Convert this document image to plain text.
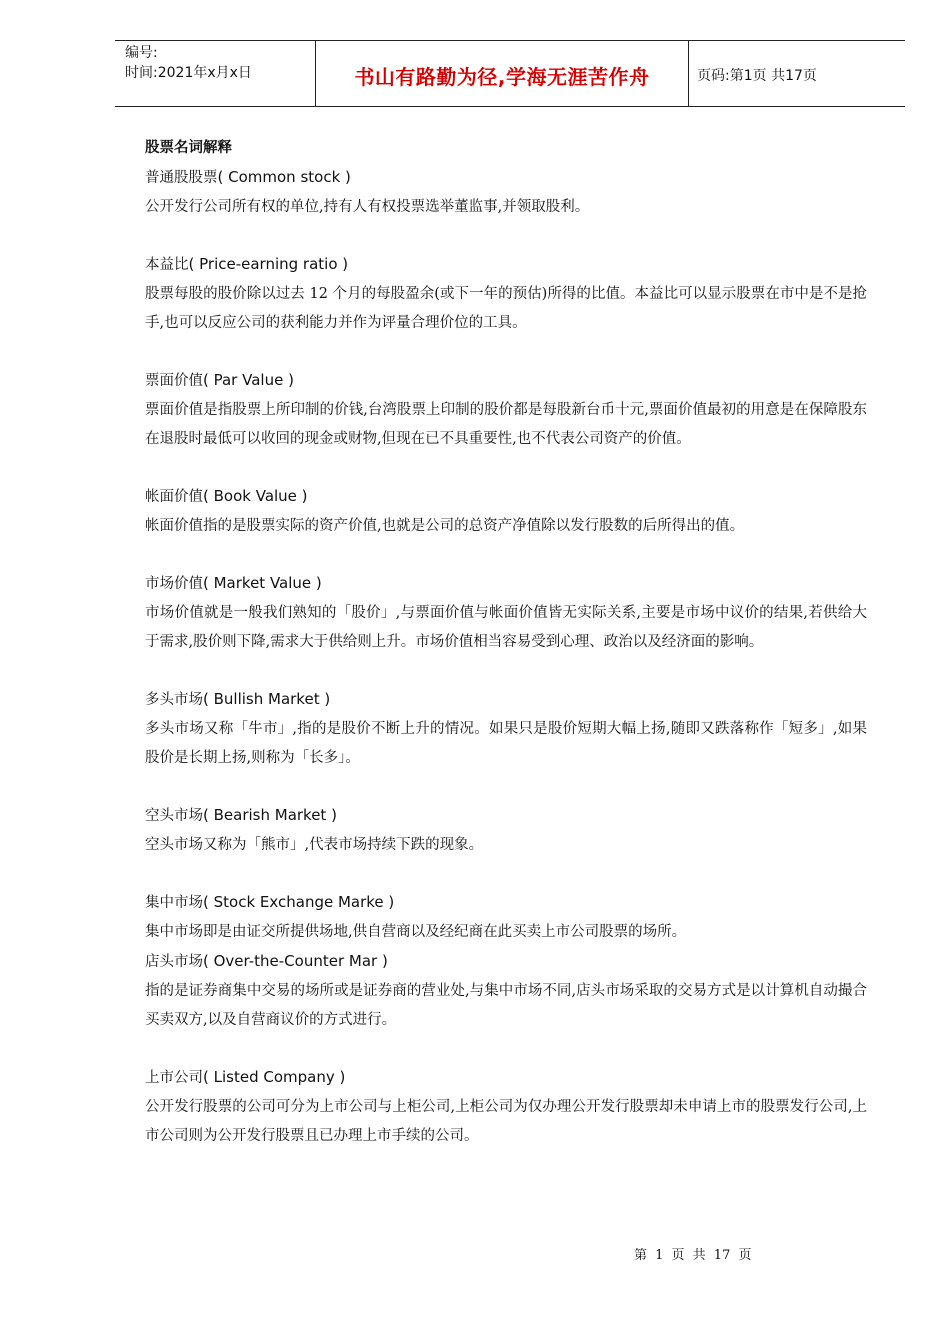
编号:
时间:2021年x月x日	书山有路勤为径,学海无涯苦作舟	页码:第1页 共17页

股票名词解释

普通股股票( Common stock )

公开发行公司所有权的单位,持有人有权投票选举董监事,并领取股利。

本益比( Price-earning ratio )

股票每股的股价除以过去 12 个月的每股盈余(或下一年的预估)所得的比值。本益比可以显示股票在市中是不是抢手,也可以反应公司的获利能力并作为评量合理价位的工具。

票面价值( Par Value )

票面价值是指股票上所印制的价钱,台湾股票上印制的股价都是每股新台币十元,票面价值最初的用意是在保障股东在退股时最低可以收回的现金或财物,但现在已不具重要性,也不代表公司资产的价值。

帐面价值( Book Value )

帐面价值指的是股票实际的资产价值,也就是公司的总资产净值除以发行股数的后所得出的值。

市场价值( Market Value )

市场价值就是一般我们熟知的「股价」,与票面价值与帐面价值皆无实际关系,主要是市场中议价的结果,若供给大于需求,股价则下降,需求大于供给则上升。市场价值相当容易受到心理、政治以及经济面的影响。

多头市场( Bullish Market )

多头市场又称「牛市」,指的是股价不断上升的情况。如果只是股价短期大幅上扬,随即又跌落称作「短多」,如果股价是长期上扬,则称为「长多」。

空头市场( Bearish Market )

空头市场又称为「熊市」,代表市场持续下跌的现象。

集中市场( Stock Exchange Marke )

集中市场即是由证交所提供场地,供自营商以及经纪商在此买卖上市公司股票的场所。

店头市场( Over-the-Counter Mar )

指的是证券商集中交易的场所或是证券商的营业处,与集中市场不同,店头市场采取的交易方式是以计算机自动撮合买卖双方,以及自营商议价的方式进行。

上市公司( Listed Company )

公开发行股票的公司可分为上市公司与上柜公司,上柜公司为仅办理公开发行股票却未申请上市的股票发行公司,上市公司则为公开发行股票且已办理上市手续的公司。

第 1 页 共 17 页
